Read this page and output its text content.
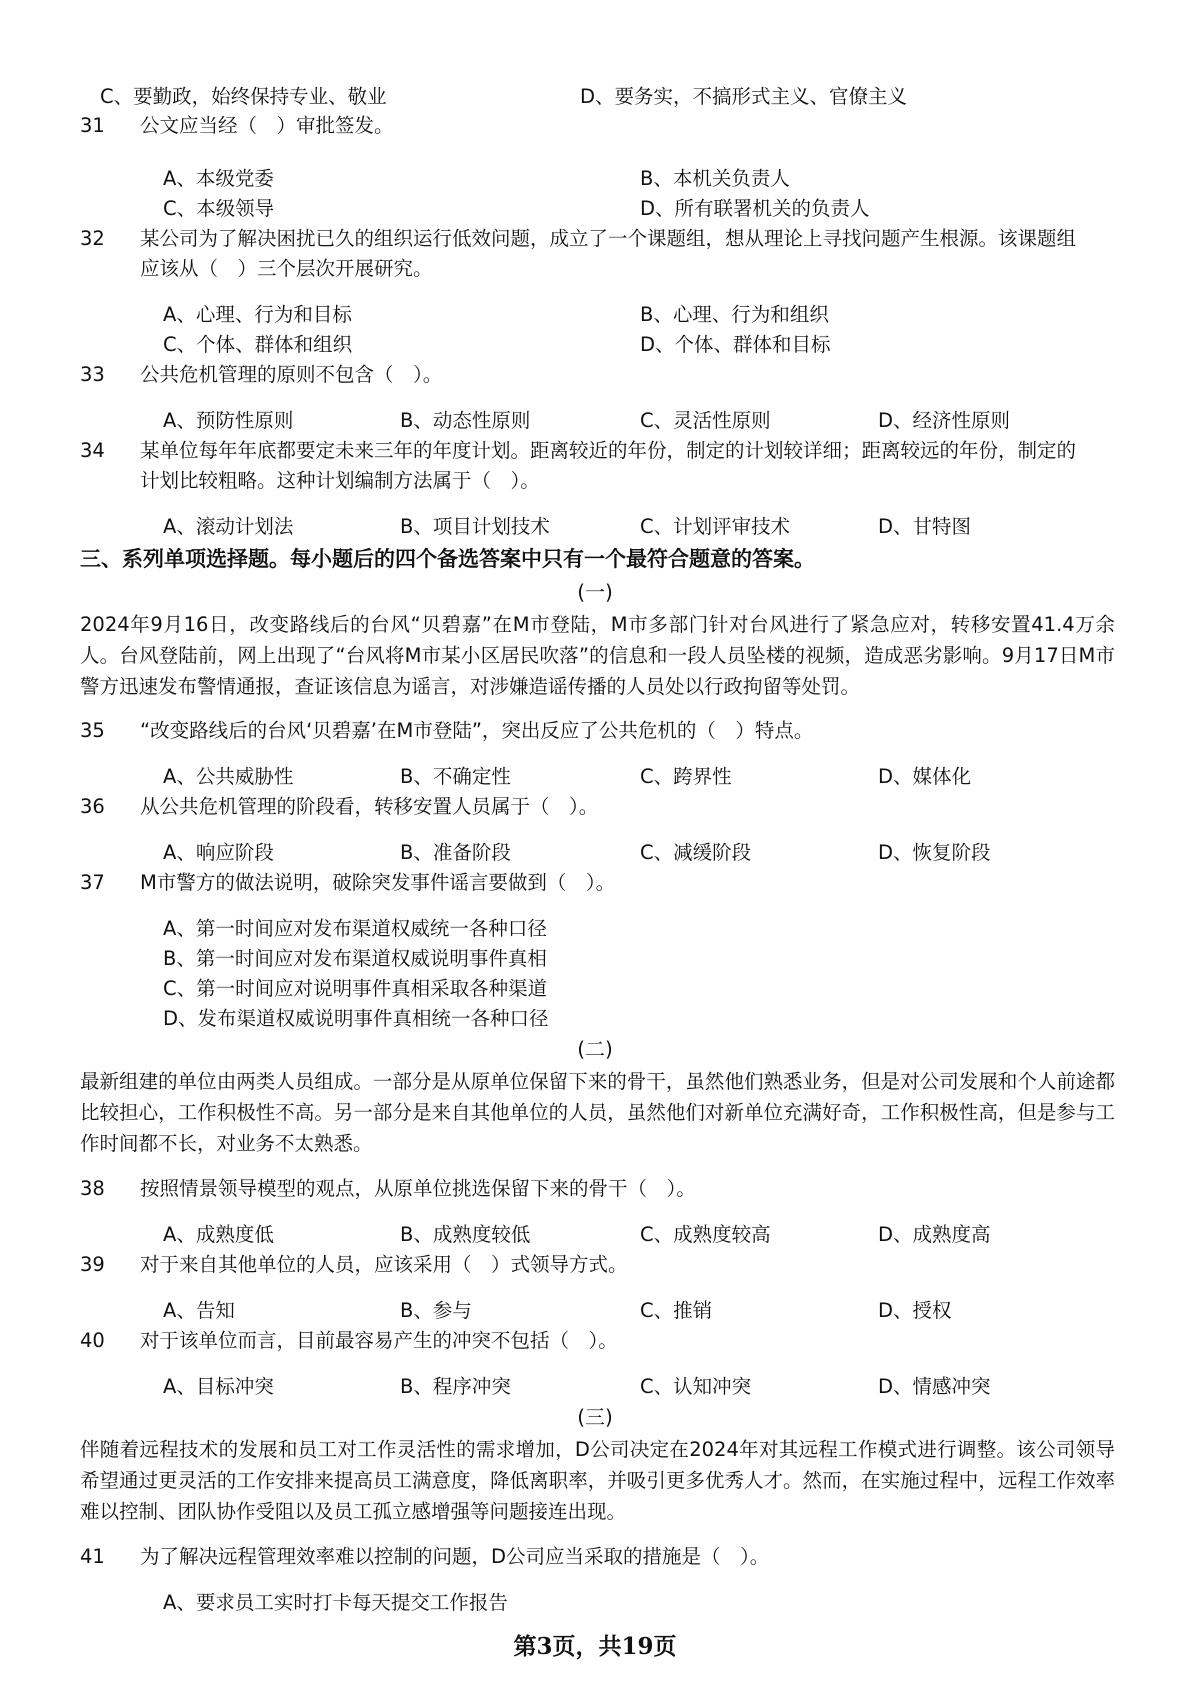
C、要勤政，始终保持专业、敬业	D、要务实，不搞形式主义、官僚主义
31 公文应当经（　）审批签发。
A、本级党委	B、本机关负责人
C、本级领导	D、所有联署机关的负责人
32 某公司为了解决困扰已久的组织运行低效问题，成立了一个课题组，想从理论上寻找问题产生根源。该课题组应该从（　）三个层次开展研究。
A、心理、行为和目标	B、心理、行为和组织
C、个体、群体和组织	D、个体、群体和目标
33 公共危机管理的原则不包含（　）。
A、预防性原则	B、动态性原则	C、灵活性原则	D、经济性原则
34 某单位每年年底都要定未来三年的年度计划。距离较近的年份，制定的计划较详细；距离较远的年份，制定的计划比较粗略。这种计划编制方法属于（　）。
A、滚动计划法	B、项目计划技术	C、计划评审技术	D、甘特图
三、系列单项选择题。每小题后的四个备选答案中只有一个最符合题意的答案。
(一)
2024年9月16日，改变路线后的台风“贝碧嘉”在M市登陆，M市多部门针对台风进行了紧急应对，转移安置41.4万余人。台风登陆前，网上出现了“台风将M市某小区居民吹落”的信息和一段人员坠楼的视频，造成恶劣影响。9月17日M市警方迅速发布警情通报，查证该信息为谣言，对涉嫌造谣传播的人员处以行政拘留等处罚。
35 “改变路线后的台风‘贝碧嘉’在M市登陆”，突出反应了公共危机的（　）特点。
A、公共威胁性	B、不确定性	C、跨界性	D、媒体化
36 从公共危机管理的阶段看，转移安置人员属于（　）。
A、响应阶段	B、准备阶段	C、减缓阶段	D、恢复阶段
37 M市警方的做法说明，破除突发事件谣言要做到（　）。
A、第一时间应对发布渠道权威统一各种口径
B、第一时间应对发布渠道权威说明事件真相
C、第一时间应对说明事件真相采取各种渠道
D、发布渠道权威说明事件真相统一各种口径
(二)
最新组建的单位由两类人员组成。一部分是从原单位保留下来的骨干，虽然他们熟悉业务，但是对公司发展和个人前途都比较担心，工作积极性不高。另一部分是来自其他单位的人员，虽然他们对新单位充满好奇，工作积极性高，但是参与工作时间都不长，对业务不太熟悉。
38 按照情景领导模型的观点，从原单位挑选保留下来的骨干（　）。
A、成熟度低	B、成熟度较低	C、成熟度较高	D、成熟度高
39 对于来自其他单位的人员，应该采用（　）式领导方式。
A、告知	B、参与	C、推销	D、授权
40 对于该单位而言，目前最容易产生的冲突不包括（　）。
A、目标冲突	B、程序冲突	C、认知冲突	D、情感冲突
(三)
伴随着远程技术的发展和员工对工作灵活性的需求增加，D公司决定在2024年对其远程工作模式进行调整。该公司领导希望通过更灵活的工作安排来提高员工满意度，降低离职率，并吸引更多优秀人才。然而，在实施过程中，远程工作效率难以控制、团队协作受阻以及员工孤立感增强等问题接连出现。
41 为了解决远程管理效率难以控制的问题，D公司应当采取的措施是（　）。
A、要求员工实时打卡每天提交工作报告
第3页，共19页
